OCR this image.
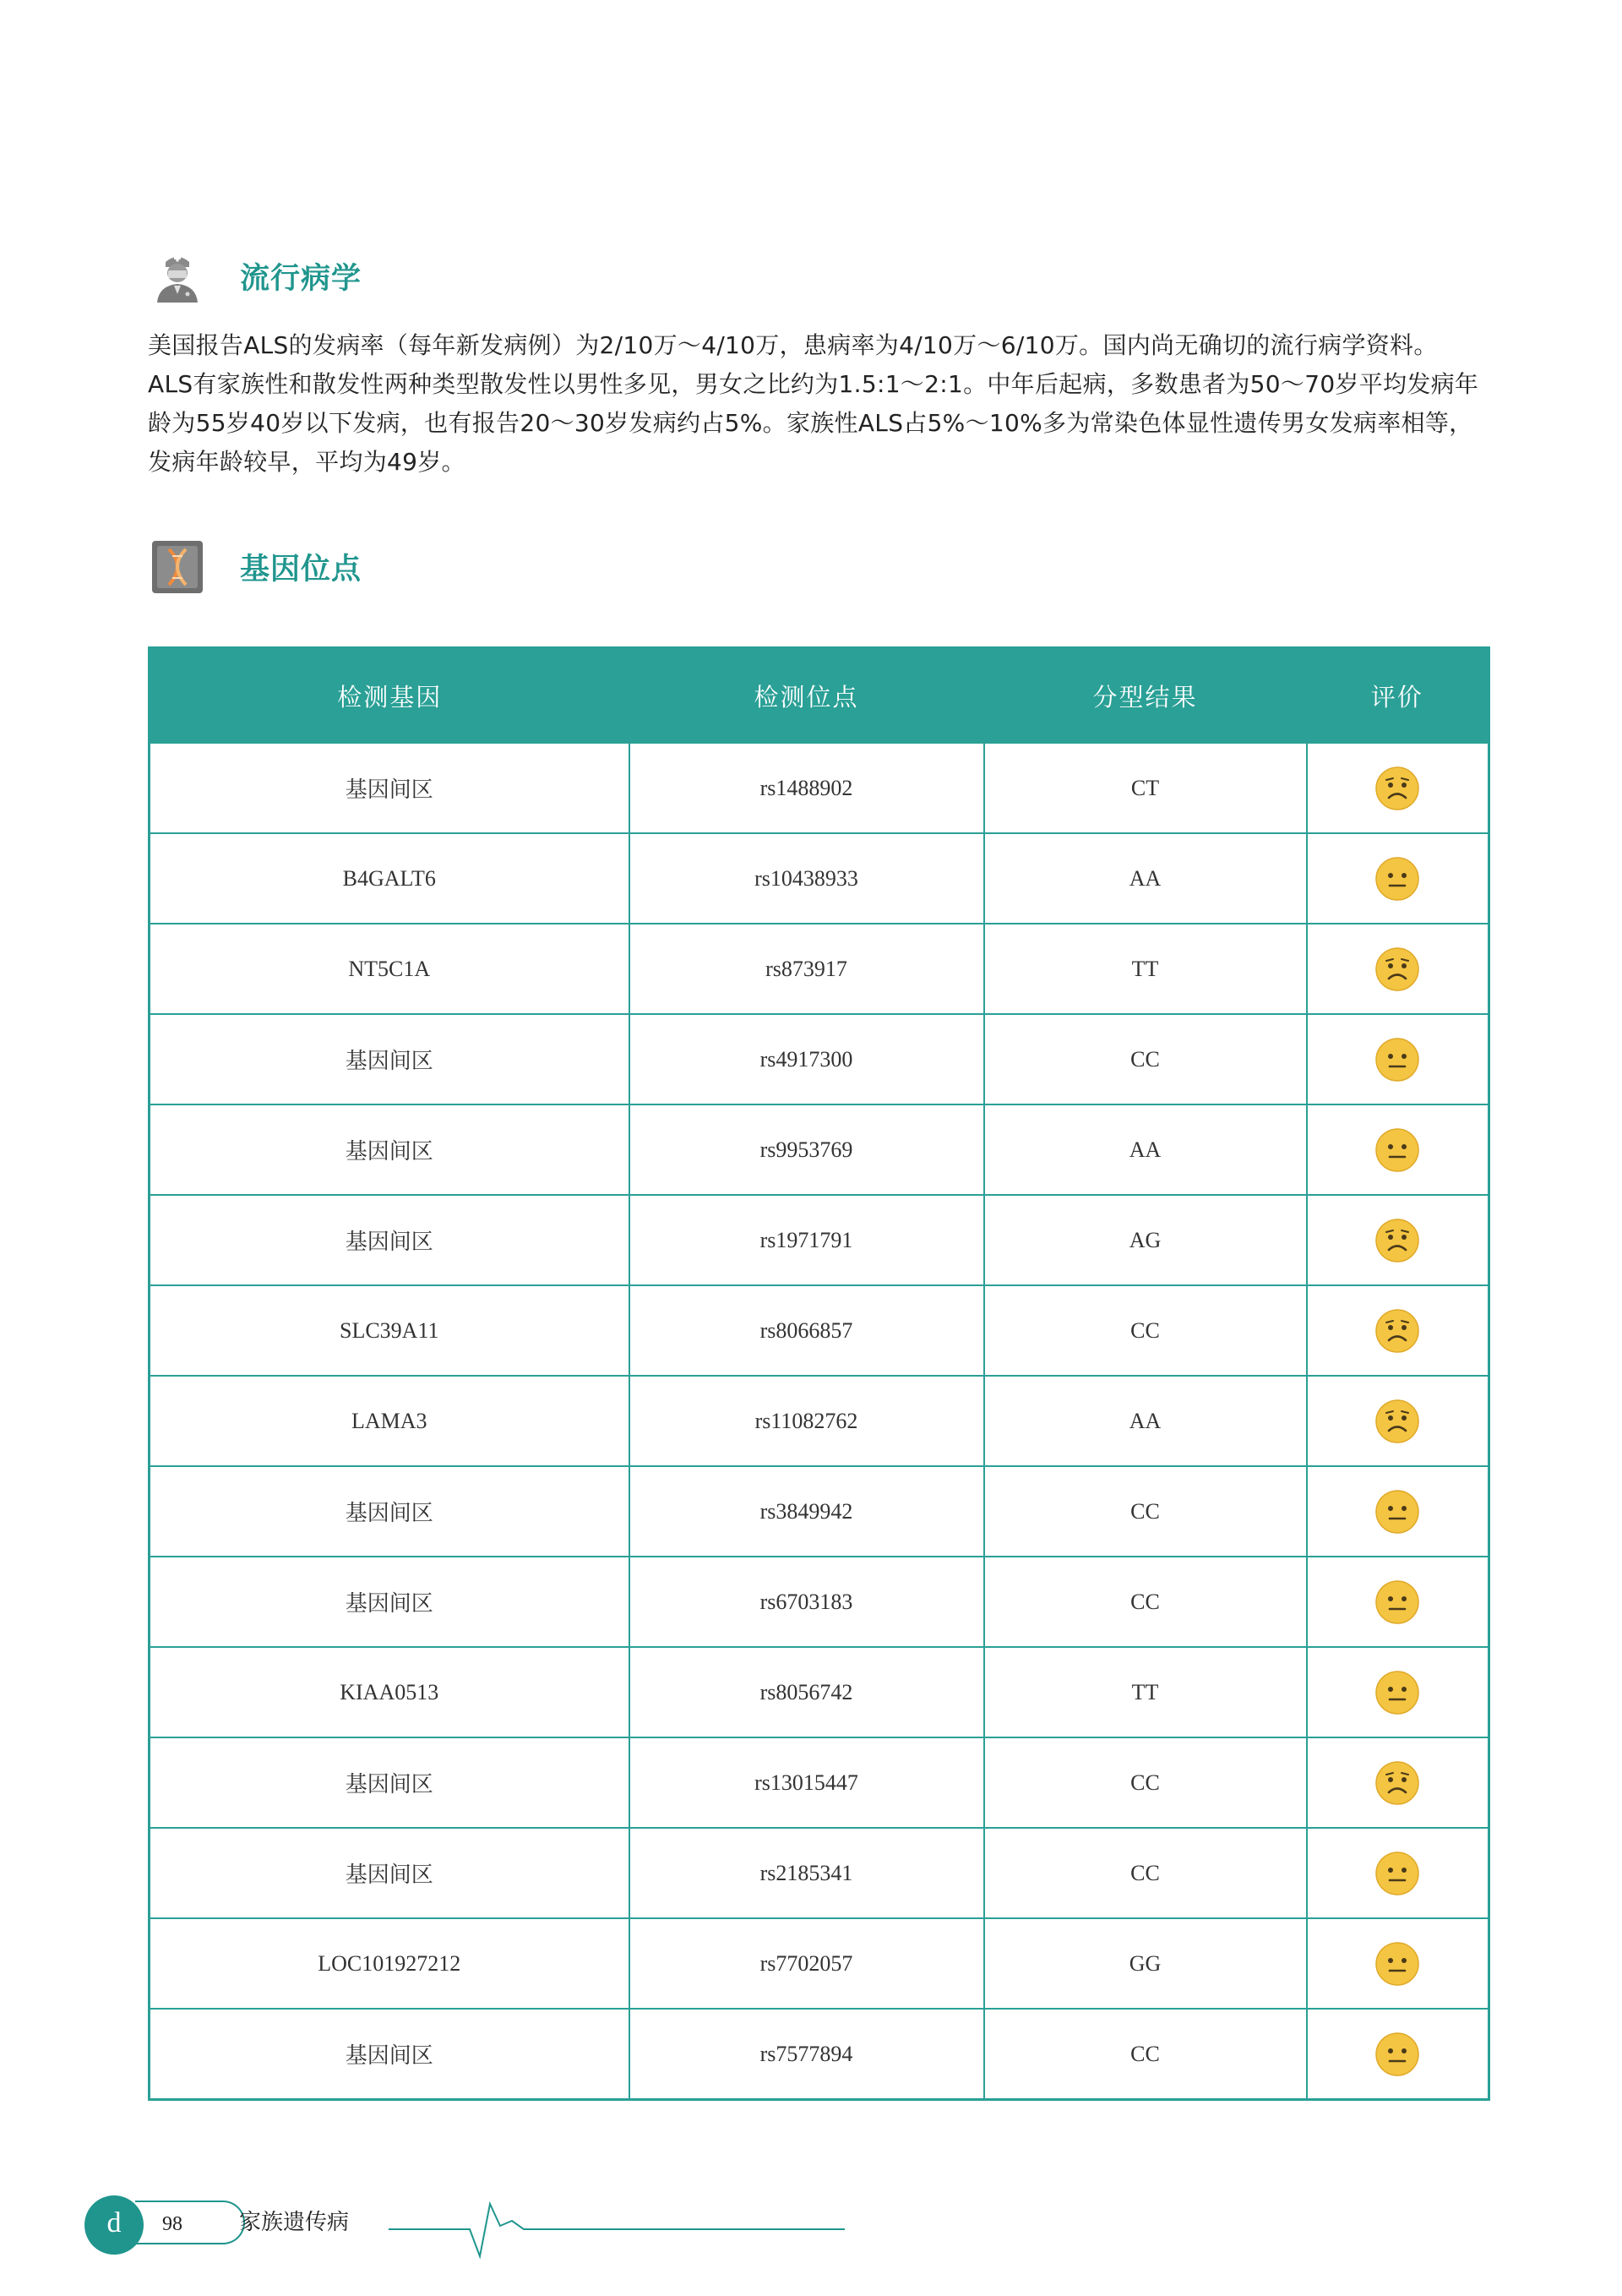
流行病学

美国报告ALS的发病率（每年新发病例）为2/10万～4/10万，患病率为4/10万～6/10万。国内尚无确切的流行病学资料。ALS有家族性和散发性两种类型散发性以男性多见，男女之比约为1.5:1～2:1。中年后起病，多数患者为50～70岁平均发病年龄为55岁40岁以下发病，也有报告20～30岁发病约占5%。家族性ALS占5%～10%多为常染色体显性遗传男女发病率相等，发病年龄较早，平均为49岁。

基因位点
检测基因	检测位点	分型结果	评价
基因间区	rs1488902	CT	
B4GALT6	rs10438933	AA	
NT5C1A	rs873917	TT	
基因间区	rs4917300	CC	
基因间区	rs9953769	AA	
基因间区	rs1971791	AG	
SLC39A11	rs8066857	CC	
LAMA3	rs11082762	AA	
基因间区	rs3849942	CC	
基因间区	rs6703183	CC	
KIAA0513	rs8056742	TT	
基因间区	rs13015447	CC	
基因间区	rs2185341	CC	
LOC101927212	rs7702057	GG	
基因间区	rs7577894	CC	
98
d	家族遗传病
